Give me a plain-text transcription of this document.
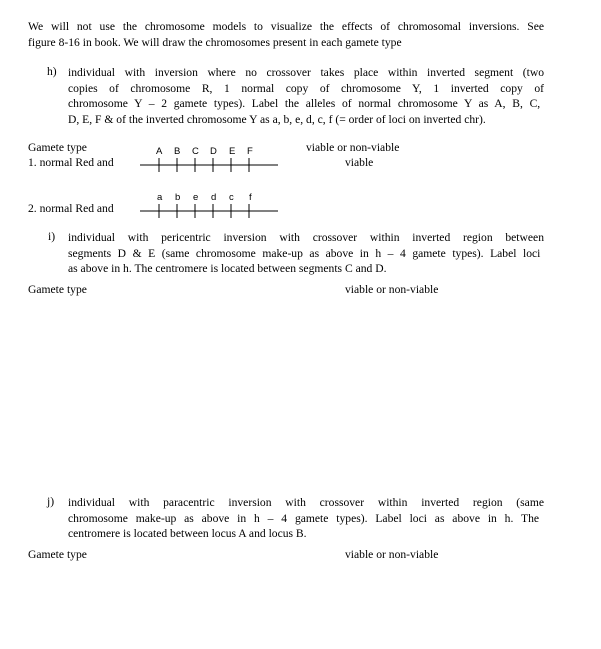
We will not use the chromosome models to visualize the effects of chromosomal inversions. See
figure 8-16 in book. We will draw the chromosomes present in each gamete type
h) individual with inversion where no crossover takes place within inverted segment (two
copies of chromosome R, 1 normal copy of chromosome Y, 1 inverted copy of
chromosome Y – 2 gamete types). Label the alleles of normal chromosome Y as A, B, C,
D, E, F & of the inverted chromosome Y as a, b, e, d, c, f (= order of loci on inverted chr).
Gamete type	viable or non-viable
1. normal Red and	viable
A B C D E F
2. normal Red and
a b e d c f
i) individual with pericentric inversion with crossover within inverted region between
segments D & E (same chromosome make-up as above in h – 4 gamete types). Label loci
as above in h. The centromere is located between segments C and D.
Gamete type	viable or non-viable
j) individual with paracentric inversion with crossover within inverted region (same
chromosome make-up as above in h – 4 gamete types). Label loci as above in h. The
centromere is located between locus A and locus B.
Gamete type	viable or non-viable
